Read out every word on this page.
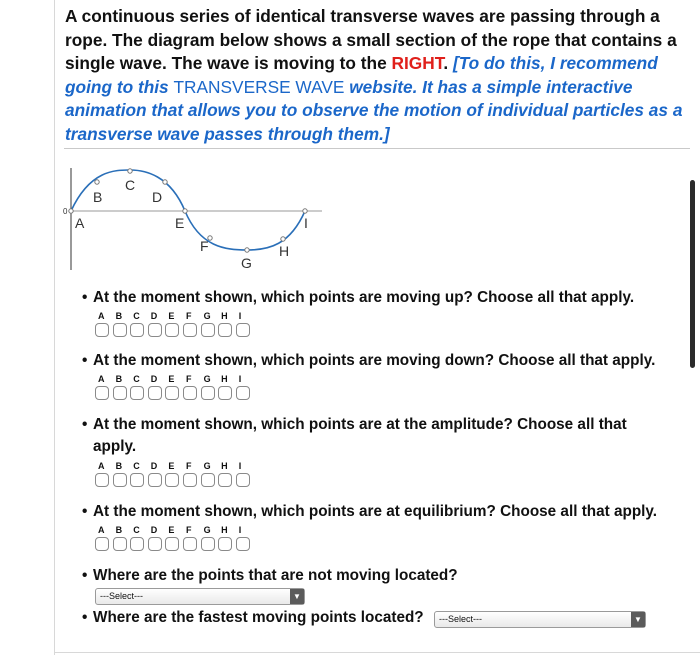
A continuous series of identical transverse waves are passing through a rope. The diagram below shows a small section of the rope that contains a single wave. The wave is moving to the RIGHT. [To do this, I recommend going to this TRANSVERSE WAVE website. It has a simple interactive animation that allows you to observe the motion of individual particles as a transverse wave passes through them.]
0
A
B
C
D
E
F
G
H
I
• At the moment shown, which points are moving up? Choose all that apply.
A	B	C	D	E	F	G	H	I
• At the moment shown, which points are moving down? Choose all that apply.
A	B	C	D	E	F	G	H	I
• At the moment shown, which points are at the amplitude? Choose all that apply.
A	B	C	D	E	F	G	H	I
• At the moment shown, which points are at equilibrium? Choose all that apply.
A	B	C	D	E	F	G	H	I
• Where are the points that are not moving located?
---Select---	▼
• Where are the fastest moving points located?	---Select---	▼
